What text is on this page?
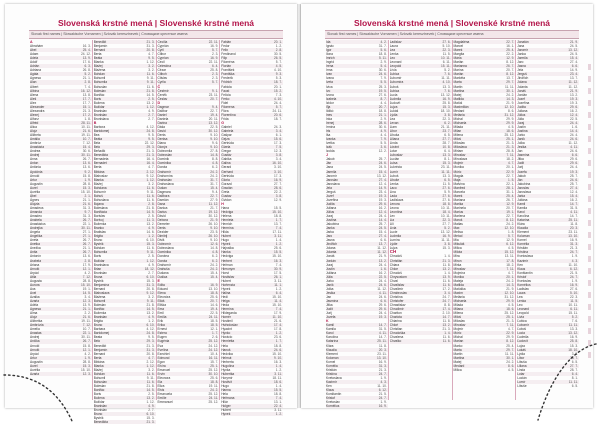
Slovenská krstné mená | Slovenské krstné mená
Slovak first names | Slowakische Vornamen | Szlovák keresztnevek | Словацкие крестные имена
A
Abrahám	16. 3.
Abel	25. 4.
Adam	24. 12.
Adela	13. 9.
Adolf	17. 6.
Adrián	6. 3.
Adriana	26. 8.
Agáta	5. 2.
Agnesa	21. 1.
Alan	2. 8.
Albert	7. 4.
Albína	16. 12.
Alena	13. 8.
Aleš	17. 7.
Alex	17. 7.
Alexander	15. 1.
Alexandra	21. 3.
Alexej	17. 2.
Alfonz	1. 8.
Alfréd	28. 11.
Alica	10. 11.
Alojz	21. 6.
Alžbeta	19. 11.
Amália	10. 7.
Ambróz	7. 12.
Anastázia	15. 4.
Andrea	30. 6.
Andrej	30. 11.
Anna	26. 7.
Anton	13. 6.
Antónia	13. 6.
Apolónia	9. 2.
Arnold	15. 8.
Artur	1. 9.
Augustín	28. 8.
Aurel	15. 3.
Aurélia	15. 10.
Ábel	2. 1.
Ágnes	21. 1.
Alojzia	21. 6.
Amadeus	31. 3.
Amanda	9. 7.
Amadeo	31. 3.
Anabela	26. 7.
Anastázius	22. 1.
Andrejka	30. 11.
Angela	27. 1.
Angelika	27. 1.
Aneta	26. 7.
Anetka	26. 7.
Anežka	21. 1.
Anita	26. 7.
Antonín	13. 6.
Arabela	2. 8.
Ariana	17. 9.
Arnošt	12. 1.
Arpád	4. 2.
Atila	7. 12.
Augusta	28. 8.
Aurora	15. 10.
Ava	19. 1.
Axel	14. 5.
Azalka	3. 4.
Azaria	12. 3.
Adéla	13. 9.
Agnesa	21. 1.
Alma	2. 2.
Alojz	21. 6.
Alžbetka	19. 11.
Ambrózia	7. 12.
Amelia	10. 7.
Anastas	22. 1.
Andrej	30. 11.
Anička	26. 7.
Arnold	15. 8.
Arnošt	12. 1.
Arpád	4. 2.
Artur	1. 9.
Augustín	28. 8.
Aurel	15. 3.
Aurélia	15. 10.
Azaria	12. 3.
Benedikt	21. 3.
Benjamín	31. 3.
Bernard	20. 8.
Berta	4. 7.
Beáta	9. 5.
Blanka	1. 12.
Blažej	3. 2.
Blažena	3. 2.
Bohdan	11. 6.
Bohumil	9. 11.
Bohumila	9. 11.
Bohuslav	11. 6.
Boleslav	21. 8.
Bonifác	14. 5.
Boris	2. 5.
Božena	13. 2.
Božidar	1. 12.
Branislav	4. 9.
Bronislav	2. 7.
Bronislava	2. 7.
B
Barbora	4. 12.
Bartolomej	24. 8.
Bea	9. 5.
Beáta	9. 5.
Bela	22. 12.
Belo	29. 3.
Beňadik	21. 3.
Benedikta	21. 3.
Bernadeta	16. 4.
Bernadet	16. 4.
Berta	4. 7.
Bibiána	2. 12.
Blahoslav	9. 12.
Blanka	1. 12.
Blažej	3. 2.
Bohdana	11. 6.
Bohumír	9. 11.
Bohuš	11. 6.
Bohuslava	11. 6.
Bojana	2. 8.
Boleslava	21. 8.
Bonifácia	14. 5.
Borislav	2. 5.
Borivoj	11. 3.
Boženka	13. 2.
Branko	4. 9.
Bratislav	14. 6.
Brigita	1. 2.
Bruno	6. 10.
Bystrík	15. 3.
Bohdan	11. 6.
Bohumila	9. 11.
Boris	2. 5.
Božidar	1. 12.
Branislava	4. 9.
Brian	18. 12.
Bronislav	2. 7.
Bruna	6. 10.
Bystrík	15. 3.
Benjamína	31. 3.
Bernard	20. 8.
Blahoslava	9. 12.
Blažena	3. 2.
Bohumil	9. 11.
Boleslav	21. 8.
Bonifác	14. 5.
Boženka	13. 2.
Branislav	4. 9.
Brigita	1. 2.
Bruno	6. 10.
Barbara	4. 12.
Bartolomej	24. 8.
Beata	9. 5.
Belo	29. 3.
Benedikt	21. 3.
Benjamín	31. 3.
Bernard	20. 8.
Berta	4. 7.
Bibiána	2. 12.
Blanka	1. 12.
Blažej	3. 2.
Bohdan	11. 6.
Bohumil	9. 11.
Bohuslav	11. 6.
Boleslav	21. 8.
Bonifác	14. 5.
Boris	2. 5.
Božena	13. 2.
Božidar	1. 12.
Branislav	4. 9.
Bronislav	2. 7.
Bruno	6. 10.
Bystrík	15. 3.
Benedikta	21. 3.
Cecília	22. 11.
Cyprián	16. 9.
Cyril	5. 7.
Ctibor	2. 3.
Cyprian	16. 9.
Cecil	22. 11.
Celestína	6. 4.
Cézar	25. 8.
Ctiboh	2. 3.
Ctislav	2. 3.
Cyrila	5. 7.
Č
Čestmír	9. 1.
Čeněk	23. 11.
Česlav	20. 7.
D
Dagmar	9. 4.
Dalibor	22. 7.
Daniel	19. 4.
Daniela	20. 11.
Darina	13. 12.
Dáša	22. 5.
David	30. 12.
Denis	9. 10.
Denisa	9. 10.
Diana	9. 6.
Dionýz	9. 10.
Dobromila	27. 8.
Dobroslav	14. 8.
Dominik	8. 8.
Dominika	4. 8.
Dorota	6. 2.
Drahomír	24. 2.
Drahomíra	24. 2.
Drahoslav	31. 7.
Drahoslava	31. 7.
Dušan	15. 4.
Dagmara	9. 4.
Dalibora	22. 7.
Damián	27. 9.
Dana	11. 12.
Danica	21. 7.
Darius	19. 12.
Dávid	30. 12.
Debora	21. 9.
Demeter	26. 10.
Denis	9. 10.
Dezider	23. 5.
Dimitrij	26. 10.
Diviš	9. 10.
Dobromír	12. 6.
Dobroslava	14. 8.
Dominika	4. 8.
Dorotea	6. 2.
Dorota	6. 2.
Drahomír	24. 2.
Drahuša	24. 2.
Dušana	15. 4.
Dušica	15. 4.
E
Edita	16. 9.
Eduard	13. 10.
Elena	18. 8.
Eleonóra	25. 6.
Eliáš	20. 7.
Eliška	14. 6.
Ema	19. 4.
Emil	22. 5.
Emília	24. 11.
Erik	18. 5.
Erika	18. 5.
Ernest	12. 1.
Estera	1. 7.
Eugen	2. 6.
Eugénia	25. 12.
Eva	24. 12.
Evelína	24. 12.
Ezechiel	10. 4.
Edmund	16. 11.
Egon	15. 7.
Elvíra	25. 1.
Emanuel	25. 12.
Ervín	30. 10.
Eleonora	25. 6.
Ela	18. 8.
Eliza	19. 11.
Elvis	24. 2.
Emanuela	25. 12.
Emílie	24. 11.
Emmanuel	25. 12.
Fabián	20. 1.
Fedor	1. 2.
Felix	2. 8.
Ferdinand	30. 5.
Filip	26. 5.
Filoména	5. 7.
Florián	4. 5.
František	4. 10.
Františka	9. 3.
Frederik	5. 3.
Fridrich	18. 7.
Fabiola	20. 1.
Faust	15. 2.
Felícia	7. 3.
Ferko	4. 10.
Fidel	24. 4.
Filomena	5. 7.
Flóra	24. 11.
Florentína	20. 6.
Frida	18. 7.
G
Gabriel	24. 3.
Gabriela	3. 4.
Gašpar	6. 1.
Gejza	15. 6.
Gertrúda	17. 3.
Gizela	7. 5.
Gregor	12. 3.
Gustáv	3. 8.
Gabika	3. 4.
Galina	16. 10.
Gerard	3. 10.
Gerhard	3. 10.
Gertrúda	17. 3.
Gloria	16. 9.
Gorazd	27. 7.
Gracián	28. 6.
Greta	22. 2.
Gustav	3. 8.
Gvidon	12. 9.
H
Hana	15. 5.
Hedviga	15. 10.
Helena	18. 8.
Henrieta	1. 7.
Henrich	13. 7.
Hermína	7. 4.
Hilda	17. 11.
Hubert	3. 11.
Hugo	1. 4.
Hynek	1. 2.
Hajnalka	25. 6.
Hanka	15. 5.
Hedviga	15. 10.
Herbert	16. 3.
Heřman	7. 4.
Hieronym	30. 9.
Horst	17. 5.
Hostislav	26. 1.
Hubert	3. 11.
Hortenzia	11. 1.
Hynek	1. 2.
Halina	6. 4.
Hedi	15. 10.
Helga	11. 4.
Heda	15. 10.
Hermína	7. 4.
Hildegarda	17. 9.
Homér	11. 10.
Hostimil	21. 6.
Hvězdoslav	17. 4.
Hyacint	17. 8.
Hynko	1. 2.
Horácio	23. 6.
Henrietta	1. 7.
Hela	18. 8.
Hanuš	24. 6.
Hedvika	15. 10.
Helmut	9. 10.
Herberta	16. 3.
Hugolína	1. 4.
Hynka	1. 2.
Hubertka	3. 11.
Horymír	18. 11.
Hostivít	18. 6.
Hugo	1. 4.
Hanna	15. 5.
Hela	18. 8.
Heřmana	7. 4.
Hilár	13. 1.
Holger	22. 4.
Hubert	3. 11.
Hynek	1. 2.
Slovenská krstné mená | Slovenské krstné mená
Slovak first names | Slowakische Vornamen | Szlovák keresztnevek | Словацкие крестные имена
Ida	4. 2.
Ignác	31. 7.
Igor	5. 6.
Ilona	18. 8.
Imrich	5. 11.
Ingrid	2. 9.
Irena	5. 4.
Irma	30. 6.
Ivan	24. 6.
Ivana	7. 9.
Iveta	5. 5.
Ivica	25. 3.
Ivo	19. 5.
Ivona	27. 6.
Izabela	8. 7.
Izidor	4. 4.
Iľja	20. 7.
Ildikó	18. 8.
Ines	21. 1.
Inka	2. 9.
Irenej	28. 6.
Irmína	30. 6.
Iris	4. 9.
Iša	4. 4.
Ivanka	7. 9.
Ivetka	5. 5.
Izák	3. 6.
Izolda	12. 2.
J
Jakub	25. 7.
Ján	24. 6.
Jana	24. 5.
Jarmila	15. 4.
Jaromír	13. 12.
Jaroslav	27. 4.
Jaroslava	12. 4.
Jela	14. 9.
Jerguš	23. 4.
Jozef	19. 3.
Jozefína	19. 3.
Judita	29. 6.
Juliana	16. 2.
Július	12. 4.
Juraj	24. 4.
Justína	14. 4.
Jakubína	25. 7.
Janka	24. 5.
Jarka	15. 4.
Jaro	27. 4.
Jasna	6. 6.
Jindřich	13. 7.
Jolana	11. 12.
Jolanta	11. 12.
Jonáš	21. 9.
Jordán	13. 2.
Juraj	24. 4.
Justín	1. 6.
Juliána	16. 2.
Júlia	22. 5.
Jurko	24. 4.
Janík	24. 6.
Jolka	11. 12.
Jesika	4. 11.
Jan	24. 6.
Jasmína	6. 6.
Jitka	29. 6.
Judit	29. 6.
Jurij	24. 4.
Jozefa	19. 3.
K
Kamil	14. 7.
Kamila	31. 5.
Karol	4. 11.
Karolína	14. 7.
Katarína	25. 11.
Klára	11. 8.
Klaudia	20. 3.
Klement	23. 11.
Koloman	13. 10.
Kornel	16. 9.
Kornélia	31. 3.
Kristián	21. 3.
Kristína	24. 7.
Kvetoslava	1. 9.
Kazimír	4. 3.
Ken	11. 10.
Klaus	6. 12.
Konštantín	21. 5.
Kristof	24. 7.
Kvetoslav	1. 9.
Kornélius	16. 9.
Ladislav	27. 6.
Laura	5. 10.
Lea	22. 3.
Lenka	11. 5.
Leo	10. 11.
Leonard	6. 11.
Leopold	15. 11.
Lívia	5. 2.
Ľubica	7. 6.
Ľubomír	11. 11.
Ľubomíra	4. 10.
Ľuboš	13. 3.
Ľubica	7. 6.
Lucia	13. 12.
Ľudmila	16. 9.
Ľudovít	25. 8.
Lujza	15. 3.
Lukáš	18. 10.
Lýdia	3. 8.
Lea	22. 3.
Levan	6. 2.
Liam	21. 11.
Libor	23. 7.
Libuša	6. 5.
Liliana	27. 7.
Linda	28. 7.
Lóránt	10. 8.
Lotar	6. 4.
Luboslav	13. 3.
Lucián	8. 1.
Luisa	15. 3.
Lukrécia	23. 11.
Lumír	11. 11.
Luboš	13. 3.
Libuše	6. 5.
Lenka	11. 5.
Laco	27. 6.
Lina	5. 9.
Lada	27. 6.
Ladislava	27. 6.
Lenora	18. 8.
Leona	10. 11.
Leontína	18. 4.
Lev	10. 11.
Lia	22. 3.
Lili	27. 7.
Livia	5. 2.
Lucie	13. 12.
Ludmila	16. 9.
Lumíra	11. 11.
Lýdie	3. 8.
Lujza	15. 3.
CH
Chrudoš	1. 4.
Christián	21. 3.
Chiara	11. 8.
Chloe	13. 2.
Chrudoš	1. 4.
Chrysostom	13. 9.
Chval	11. 6.
Chvalislav	11. 6.
Chvalimír	17. 2.
Chrabroslav	3. 4.
Christína	24. 7.
Christofer	24. 7.
Chrastislav	8. 8.
Chrudimír	17. 4.
Chariton	2. 10.
Charlota	14. 7.
Chiarina	11. 8.
Chloé	13. 2.
Christian	21. 3.
Chrudoška	1. 4.
Chvalena	11. 6.
Chvalko	11. 6.
Magdaléna	22. 7.
Marcel	16. 1.
Marek	25. 4.
Margita	22. 2.
Mária	12. 9.
Marián	8. 12.
Marianna	26. 7.
Marína	20. 7.
Marián	8. 12.
Markéta	13. 7.
Marta	29. 7.
Martin	11. 11.
Martina	30. 1.
Matej	24. 2.
Matilda	14. 3.
Matúš	21. 9.
Maximilián	12. 10.
Medard	8. 6.
Melánia	31. 12.
Michal	29. 9.
Michaela	29. 9.
Milada	4. 5.
Milan	18. 6.
Milena	25. 12.
Miloš	25. 1.
Miloslav	21. 3.
Miloslava	21. 3.
Miriam	28. 8.
Miroslav	7. 11.
Miroslava	18. 2.
Mojmír	4. 7.
Monika	20. 1.
Móric	22. 9.
Magda	22. 7.
Maja	1. 5.
Malvína	22. 1.
Manfred	28. 1.
Marcela	31. 1.
Marek	25. 4.
Mariana	26. 7.
Marika	12. 9.
Marinela	20. 7.
Marius	19. 1.
Marlena	22. 7.
Maroš	8. 12.
Matias	24. 2.
Max	12. 10.
Melisa	1. 8.
Metod	5. 7.
Mia	12. 9.
Mikuláš	6. 12.
Milica	4. 5.
Milota	15. 12.
Mira	13. 11.
Miron	17. 8.
Mirka	18. 2.
Miroslav	7. 11.
Mojmíra	4. 7.
Monika	20. 1.
Mateja	24. 2.
Matilda	14. 3.
Matúška	21. 9.
Maxim	12. 10.
Melánia	31. 12.
Michaela	29. 9.
Milada	4. 5.
Milana	18. 6.
Milena	25. 12.
Miloš	25. 1.
Miloslav	21. 3.
Miroslav	7. 11.
Mojmír	4. 7.
Móric	22. 9.
Michal	29. 9.
Marian	8. 12.
Marko	25. 4.
Marta	29. 7.
Martin	11. 11.
Martina	30. 1.
Matej	24. 2.
Medard	8. 6.
Milica	4. 5.
Jonatán	21. 9.
Jana	24. 5.
Jaromír	13. 12.
Janka	24. 5.
Jarmila	15. 4.
Jaro	27. 4.
Jasna	6. 6.
Jela	14. 9.
Jerguš	23. 4.
Jindřich	13. 7.
Jolana	11. 12.
Jolanta	11. 12.
Jonáš	21. 9.
Jordán	13. 2.
Jozef	19. 3.
Jozefína	19. 3.
Judita	29. 6.
Juliana	16. 2.
Július	12. 4.
Júlia	22. 5.
Juraj	24. 4.
Justín	1. 6.
Justína	14. 4.
Jurko	24. 4.
Janík	24. 6.
Jolka	11. 12.
Jesika	4. 11.
Jan	24. 6.
Jasmína	6. 6.
Jitka	29. 6.
Judit	29. 6.
Jurij	24. 4.
Jozefa	19. 3.
Jakub	25. 7.
Ján	24. 6.
Jakubína	25. 7.
Jaroslav	27. 4.
Jaroslava	12. 4.
Jarka	15. 4.
Juliána	16. 2.
Kamil	14. 7.
Kamila	31. 5.
Karol	4. 11.
Karolína	14. 7.
Katarína	25. 11.
Klára	11. 8.
Klaudia	20. 3.
Klement	23. 11.
Koloman	13. 10.
Kornel	16. 9.
Kornélia	31. 3.
Kristián	21. 3.
Kristína	24. 7.
Kvetoslava	1. 9.
Kazimír	4. 3.
Ken	11. 10.
Klaus	6. 12.
Konštantín	21. 5.
Kristof	24. 7.
Kvetoslav	1. 9.
Kornélius	16. 9.
Ladislav	27. 6.
Laura	5. 10.
Lea	22. 3.
Lenka	11. 5.
Leo	10. 11.
Leonard	6. 11.
Leopold	15. 11.
Lívia	5. 2.
Ľubica	7. 6.
Ľubomír	11. 11.
Ľuboš	13. 3.
Lucia	13. 12.
Ľudmila	16. 9.
Ľudovít	25. 8.
Lujza	15. 3.
Lukáš	18. 10.
Lýdia	3. 8.
Libor	23. 7.
Libuša	6. 5.
Liliana	27. 7.
Linda	28. 7.
Lotar	6. 4.
Lucián	8. 1.
Lumír	11. 11.
Libuše	6. 5.
